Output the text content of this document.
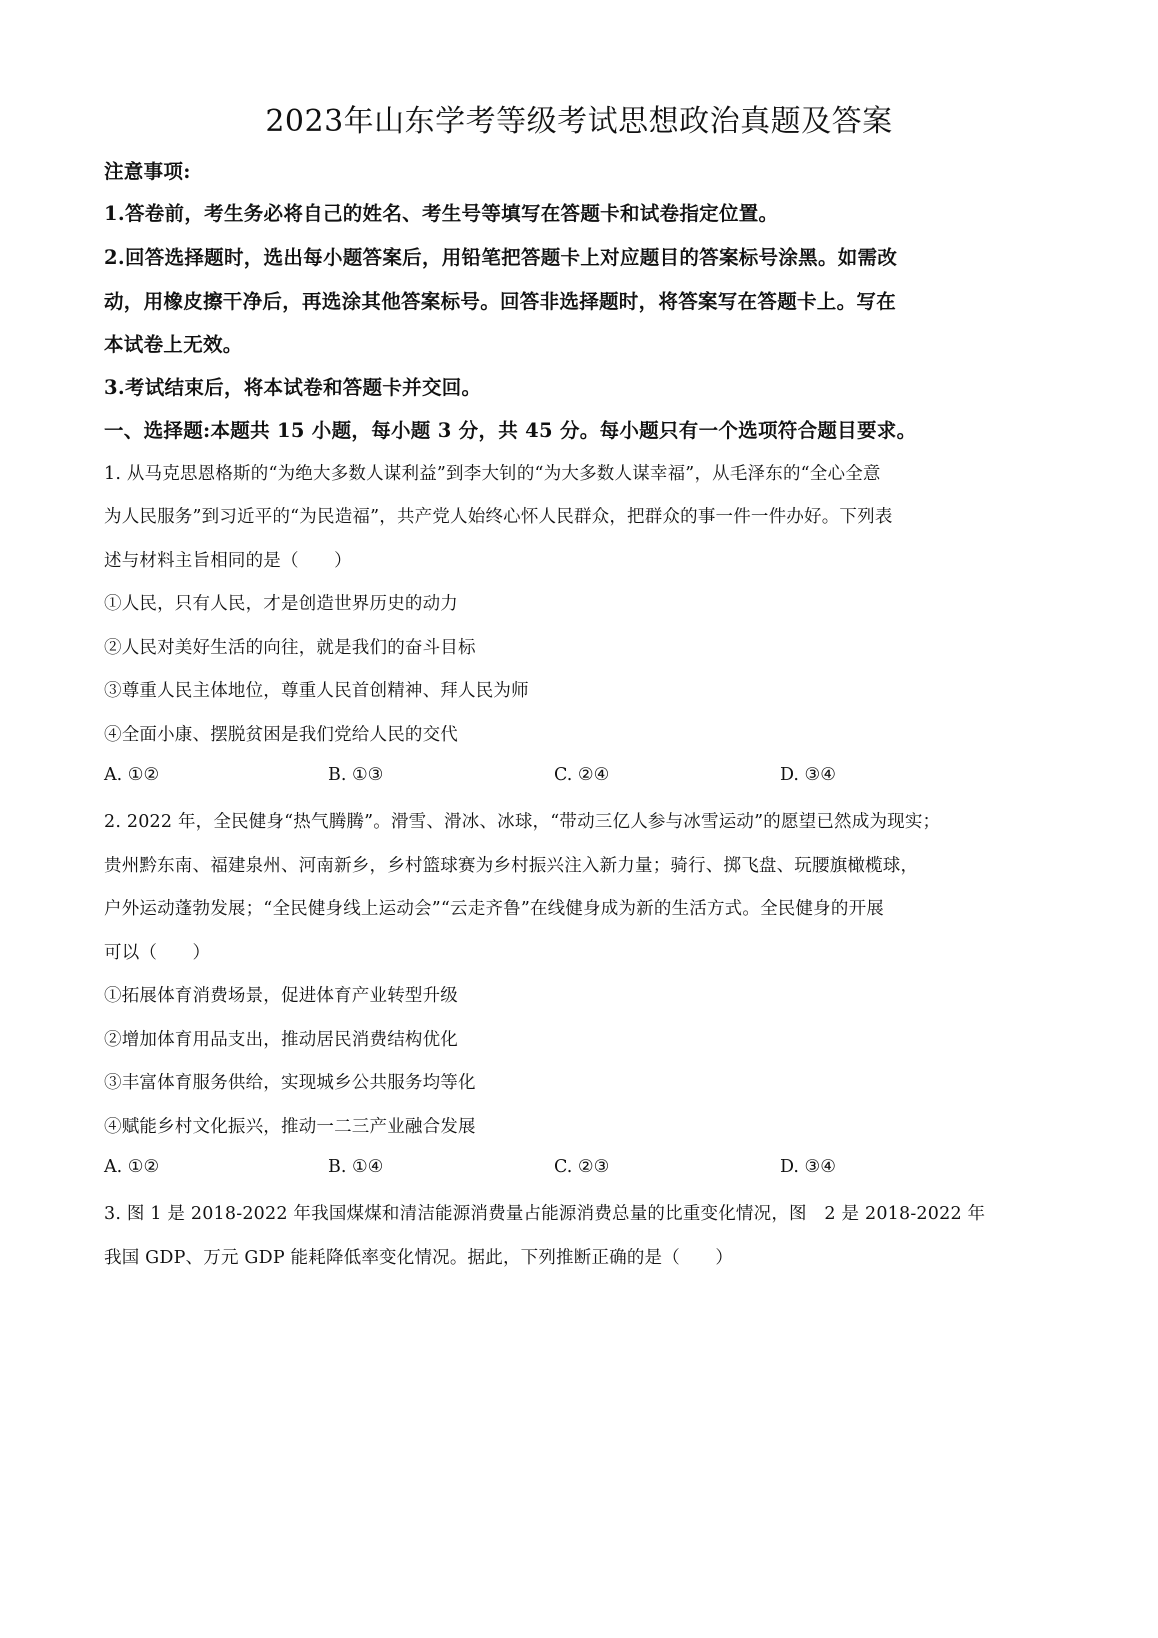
2023年山东学考等级考试思想政治真题及答案

注意事项:

1.答卷前，考生务必将自己的姓名、考生号等填写在答题卡和试卷指定位置。

2.回答选择题时，选出每小题答案后，用铅笔把答题卡上对应题目的答案标号涂黑。如需改

动，用橡皮擦干净后，再选涂其他答案标号。回答非选择题时，将答案写在答题卡上。写在

本试卷上无效。

3.考试结束后，将本试卷和答题卡并交回。

一、选择题:本题共 15 小题，每小题 3 分，共 45 分。每小题只有一个选项符合题目要求。

1. 从马克思恩格斯的“为绝大多数人谋利益”到李大钊的“为大多数人谋幸福”，从毛泽东的“全心全意

为人民服务”到习近平的“为民造福”，共产党人始终心怀人民群众，把群众的事一件一件办好。下列表

述与材料主旨相同的是（　　）

①人民，只有人民，才是创造世界历史的动力

②人民对美好生活的向往，就是我们的奋斗目标

③尊重人民主体地位，尊重人民首创精神、拜人民为师

④全面小康、摆脱贫困是我们党给人民的交代

A. ①②	B. ①③	C. ②④	D. ③④

2. 2022 年，全民健身“热气腾腾”。滑雪、滑冰、冰球，“带动三亿人参与冰雪运动”的愿望已然成为现实；

贵州黔东南、福建泉州、河南新乡，乡村篮球赛为乡村振兴注入新力量；骑行、掷飞盘、玩腰旗橄榄球，

户外运动蓬勃发展；“全民健身线上运动会”“云走齐鲁”在线健身成为新的生活方式。全民健身的开展

可以（　　）

①拓展体育消费场景，促进体育产业转型升级

②增加体育用品支出，推动居民消费结构优化

③丰富体育服务供给，实现城乡公共服务均等化

④赋能乡村文化振兴，推动一二三产业融合发展

A. ①②	B. ①④	C. ②③	D. ③④

3. 图 1 是 2018-2022 年我国煤煤和清洁能源消费量占能源消费总量的比重变化情况，图　2 是 2018-2022 年

我国 GDP、万元 GDP 能耗降低率变化情况。据此，下列推断正确的是（　　）
